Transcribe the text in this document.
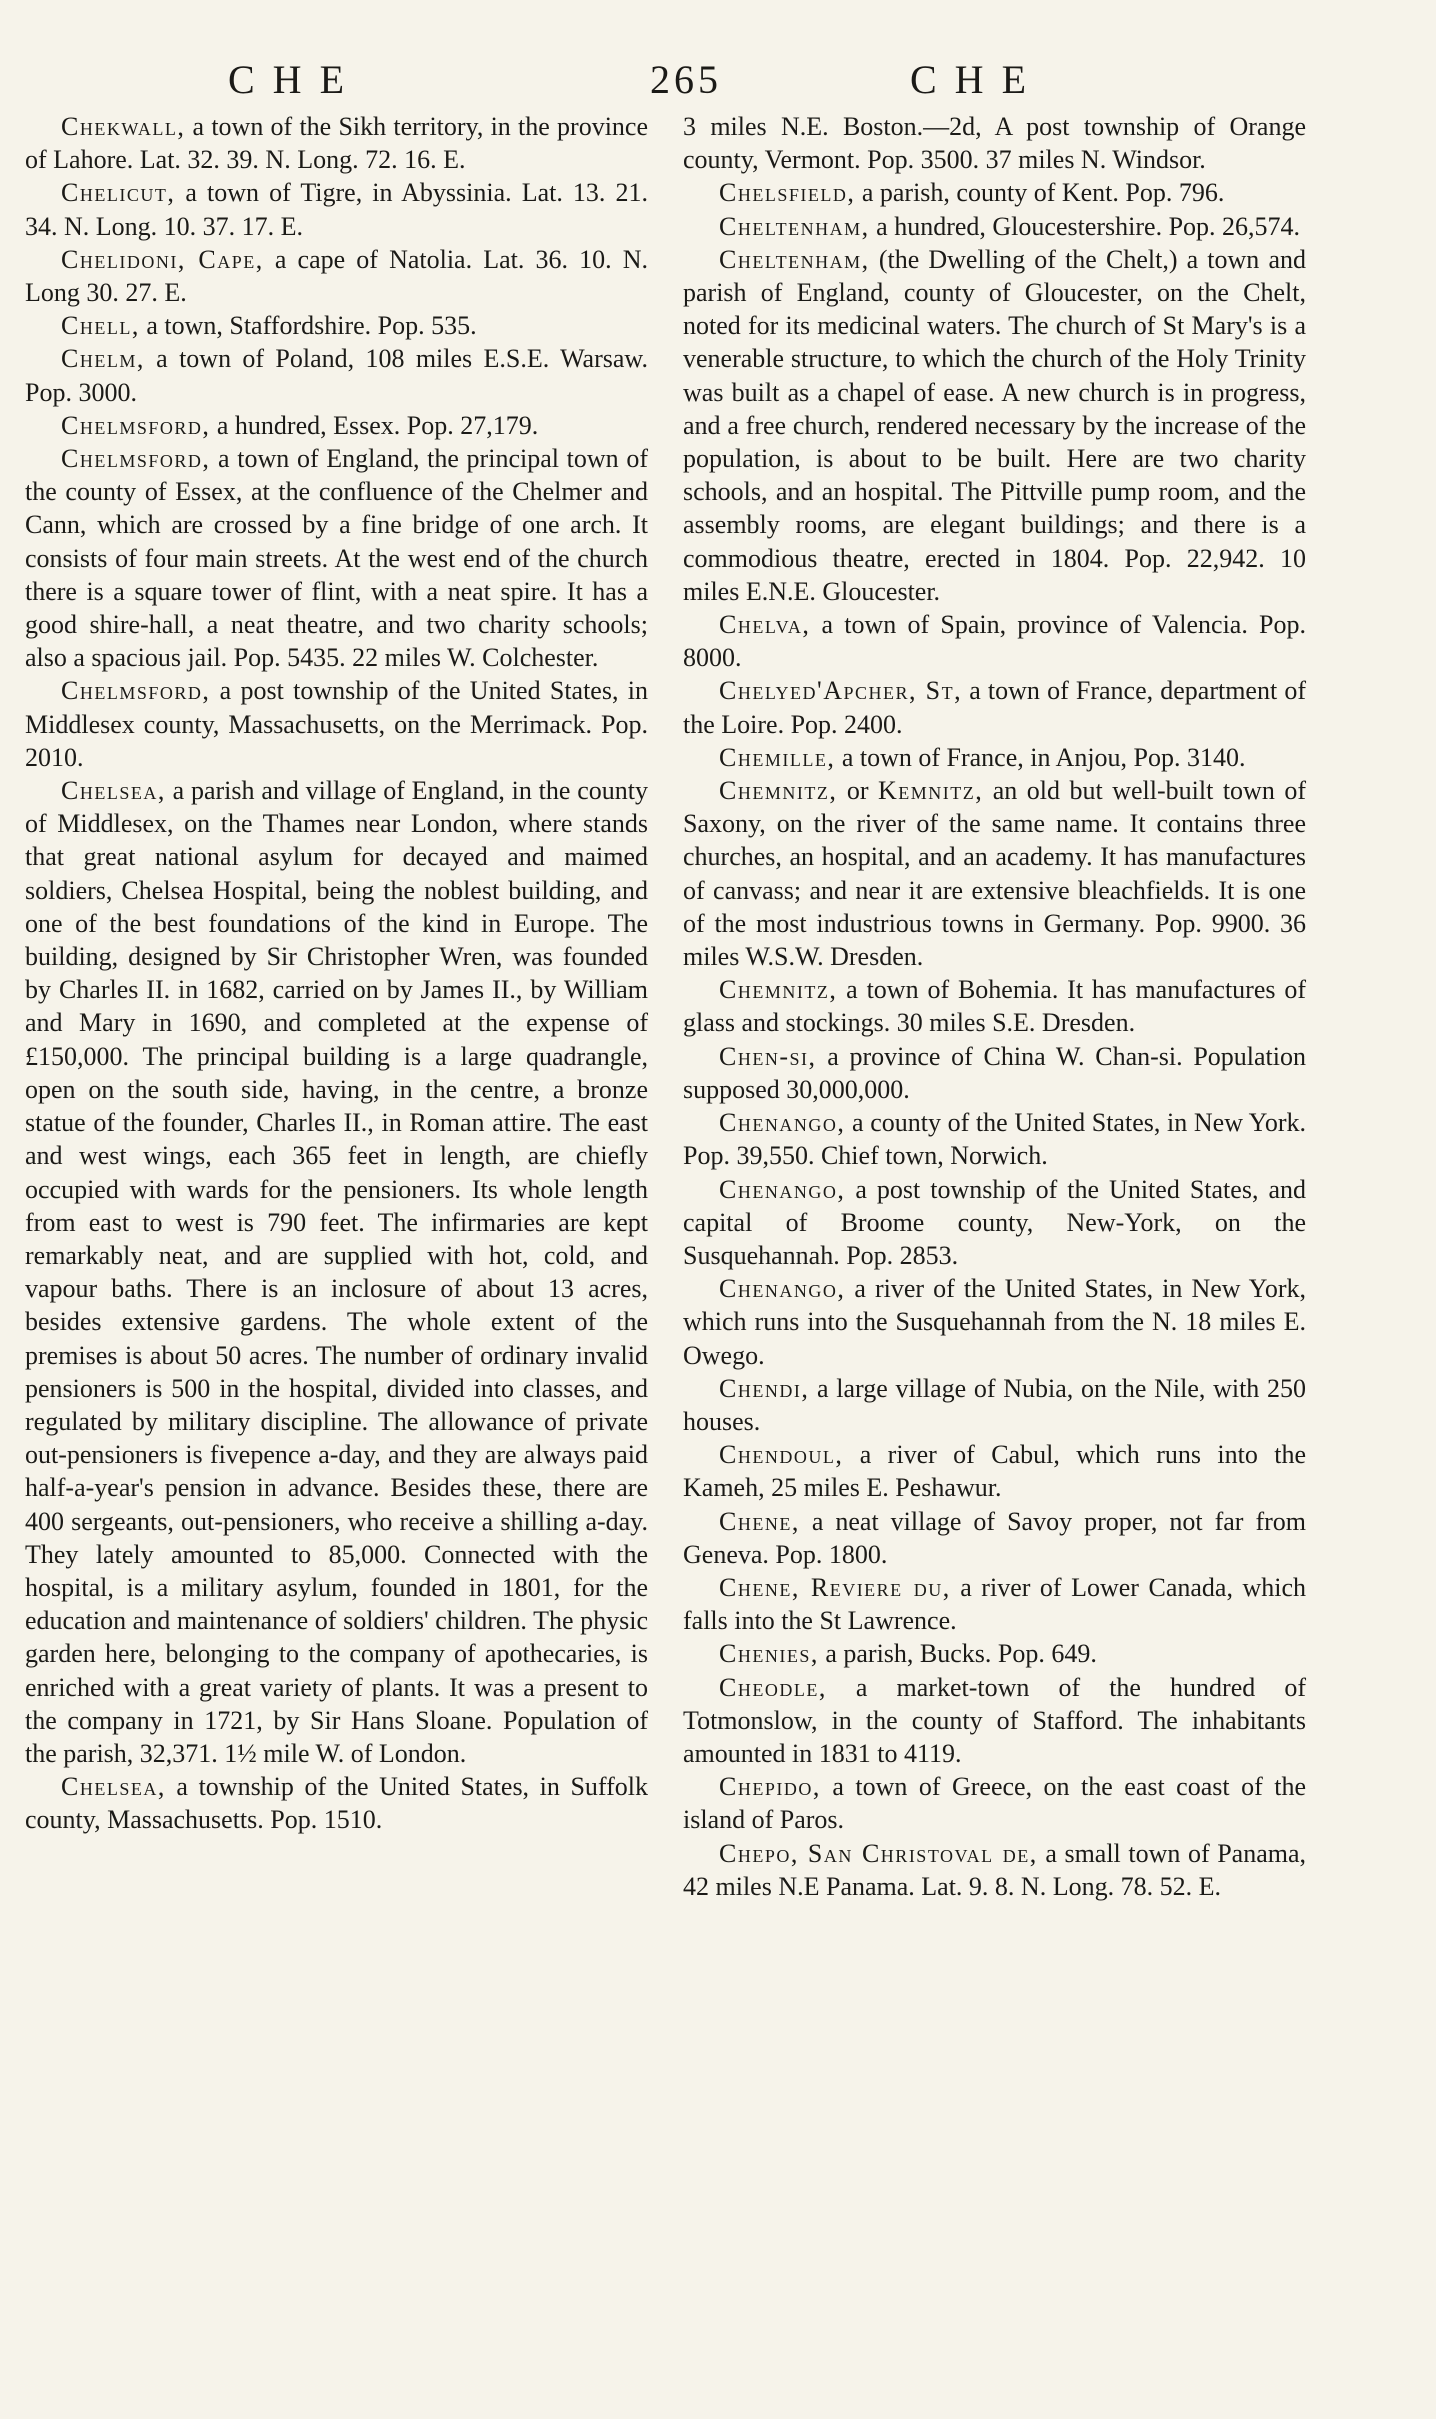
C H E	265	C H E

Chekwall, a town of the Sikh territory, in the province of Lahore. Lat. 32. 39. N. Long. 72. 16. E.

Chelicut, a town of Tigre, in Abyssinia. Lat. 13. 21. 34. N. Long. 10. 37. 17. E.

Chelidoni, Cape, a cape of Natolia. Lat. 36. 10. N. Long 30. 27. E.

Chell, a town, Staffordshire. Pop. 535.

Chelm, a town of Poland, 108 miles E.S.E. Warsaw. Pop. 3000.

Chelmsford, a hundred, Essex. Pop. 27,179.

Chelmsford, a town of England, the principal town of the county of Essex, at the confluence of the Chelmer and Cann, which are crossed by a fine bridge of one arch. It consists of four main streets. At the west end of the church there is a square tower of flint, with a neat spire. It has a good shire-hall, a neat theatre, and two charity schools; also a spacious jail. Pop. 5435. 22 miles W. Colchester.

Chelmsford, a post township of the United States, in Middlesex county, Massachusetts, on the Merrimack. Pop. 2010.

Chelsea, a parish and village of England, in the county of Middlesex, on the Thames near London, where stands that great national asylum for decayed and maimed soldiers, Chelsea Hospital, being the noblest building, and one of the best foundations of the kind in Europe. The building, designed by Sir Christopher Wren, was founded by Charles II. in 1682, carried on by James II., by William and Mary in 1690, and completed at the expense of £150,000. The principal building is a large quadrangle, open on the south side, having, in the centre, a bronze statue of the founder, Charles II., in Roman attire. The east and west wings, each 365 feet in length, are chiefly occupied with wards for the pensioners. Its whole length from east to west is 790 feet. The infirmaries are kept remarkably neat, and are supplied with hot, cold, and vapour baths. There is an inclosure of about 13 acres, besides extensive gardens. The whole extent of the premises is about 50 acres. The number of ordinary invalid pensioners is 500 in the hospital, divided into classes, and regulated by military discipline. The allowance of private out-pensioners is fivepence a-day, and they are always paid half-a-year's pension in advance. Besides these, there are 400 sergeants, out-pensioners, who receive a shilling a-day. They lately amounted to 85,000. Connected with the hospital, is a military asylum, founded in 1801, for the education and maintenance of soldiers' children. The physic garden here, belonging to the company of apothecaries, is enriched with a great variety of plants. It was a present to the company in 1721, by Sir Hans Sloane. Population of the parish, 32,371. 1½ mile W. of London.

Chelsea, a township of the United States, in Suffolk county, Massachusetts. Pop. 1510.

3 miles N.E. Boston.—2d, A post township of Orange county, Vermont. Pop. 3500. 37 miles N. Windsor.

Chelsfield, a parish, county of Kent. Pop. 796.

Cheltenham, a hundred, Gloucestershire. Pop. 26,574.

Cheltenham, (the Dwelling of the Chelt,) a town and parish of England, county of Gloucester, on the Chelt, noted for its medicinal waters. The church of St Mary's is a venerable structure, to which the church of the Holy Trinity was built as a chapel of ease. A new church is in progress, and a free church, rendered necessary by the increase of the population, is about to be built. Here are two charity schools, and an hospital. The Pittville pump room, and the assembly rooms, are elegant buildings; and there is a commodious theatre, erected in 1804. Pop. 22,942. 10 miles E.N.E. Gloucester.

Chelva, a town of Spain, province of Valencia. Pop. 8000.

Chelyed'Apcher, St, a town of France, department of the Loire. Pop. 2400.

Chemille, a town of France, in Anjou, Pop. 3140.

Chemnitz, or Kemnitz, an old but well-built town of Saxony, on the river of the same name. It contains three churches, an hospital, and an academy. It has manufactures of canvass; and near it are extensive bleachfields. It is one of the most industrious towns in Germany. Pop. 9900. 36 miles W.S.W. Dresden.

Chemnitz, a town of Bohemia. It has manufactures of glass and stockings. 30 miles S.E. Dresden.

Chen-si, a province of China W. Chan-si. Population supposed 30,000,000.

Chenango, a county of the United States, in New York. Pop. 39,550. Chief town, Norwich.

Chenango, a post township of the United States, and capital of Broome county, New-York, on the Susquehannah. Pop. 2853.

Chenango, a river of the United States, in New York, which runs into the Susquehannah from the N. 18 miles E. Owego.

Chendi, a large village of Nubia, on the Nile, with 250 houses.

Chendoul, a river of Cabul, which runs into the Kameh, 25 miles E. Peshawur.

Chene, a neat village of Savoy proper, not far from Geneva. Pop. 1800.

Chene, Reviere du, a river of Lower Canada, which falls into the St Lawrence.

Chenies, a parish, Bucks. Pop. 649.

Cheodle, a market-town of the hundred of Totmonslow, in the county of Stafford. The inhabitants amounted in 1831 to 4119.

Chepido, a town of Greece, on the east coast of the island of Paros.

Chepo, San Christoval de, a small town of Panama, 42 miles N.E Panama. Lat. 9. 8. N. Long. 78. 52. E.
